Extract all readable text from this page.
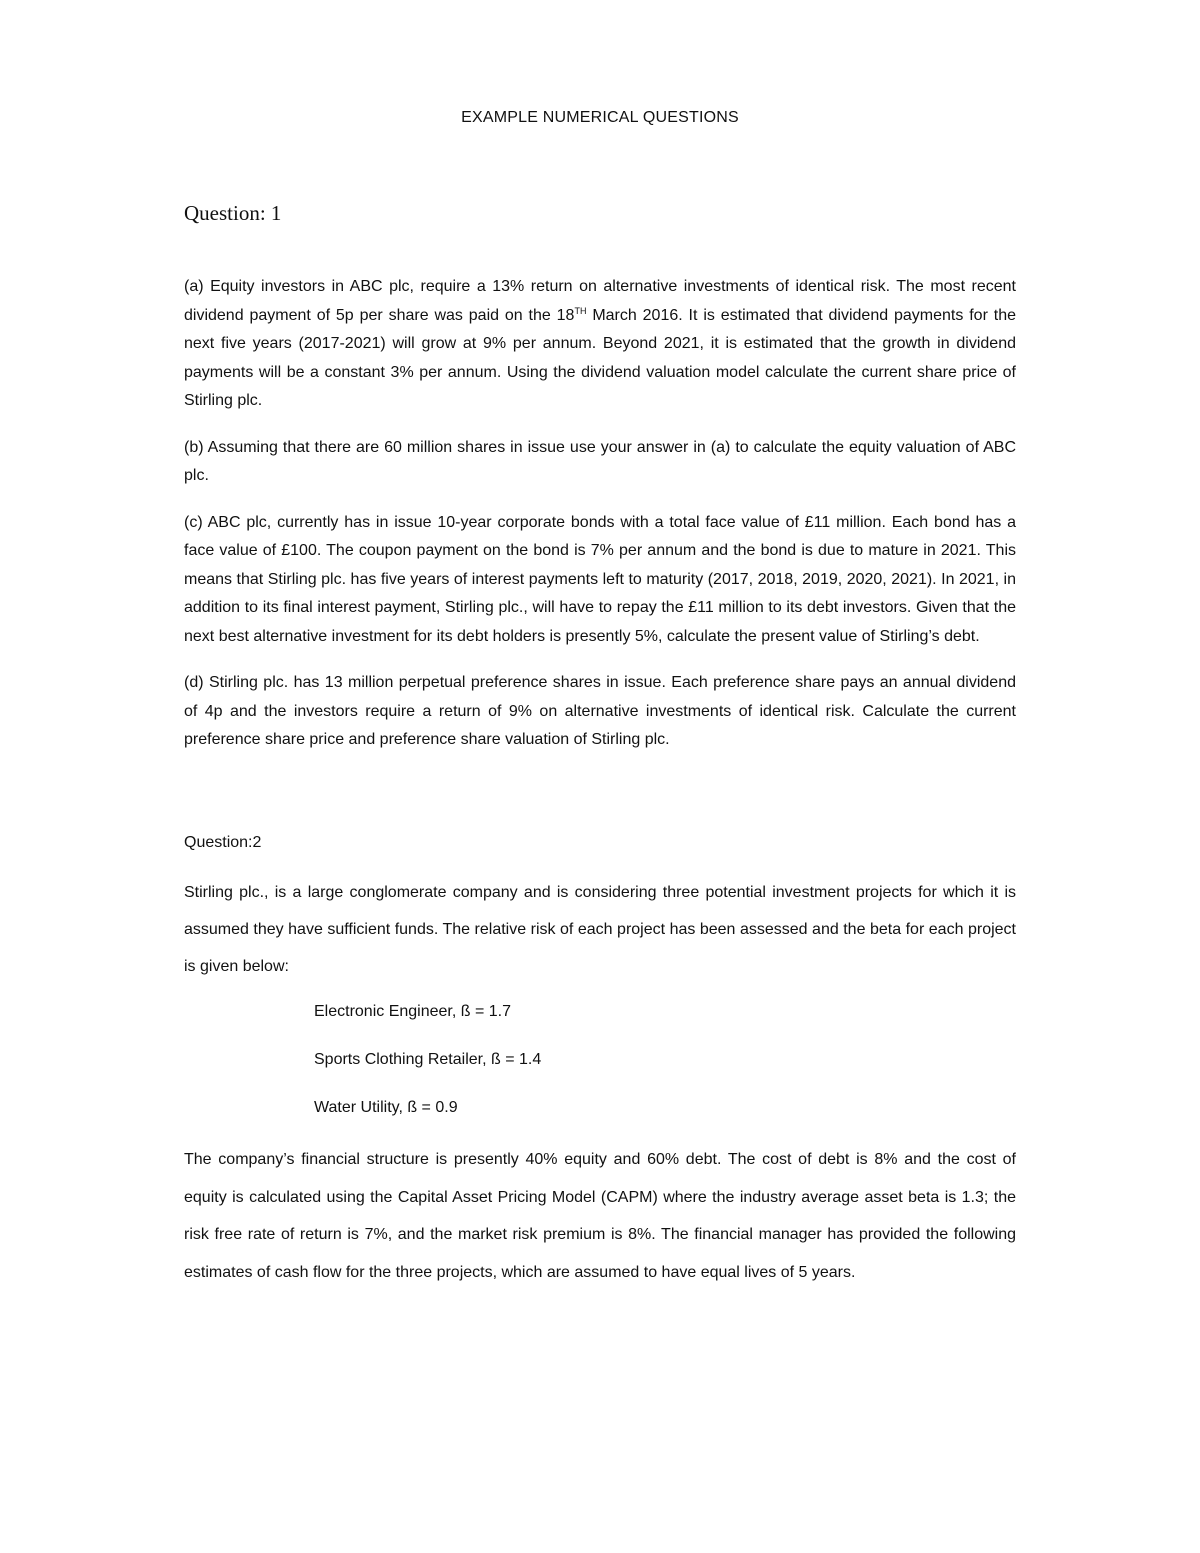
EXAMPLE NUMERICAL QUESTIONS
Question: 1

(a) Equity investors in ABC plc, require a 13% return on alternative investments of identical risk. The most recent dividend payment of 5p per share was paid on the 18TH March 2016. It is estimated that dividend payments for the next five years (2017-2021) will grow at 9% per annum. Beyond 2021, it is estimated that the growth in dividend payments will be a constant 3% per annum. Using the dividend valuation model calculate the current share price of Stirling plc.

(b) Assuming that there are 60 million shares in issue use your answer in (a) to calculate the equity valuation of ABC plc.

(c) ABC plc, currently has in issue 10-year corporate bonds with a total face value of £11 million. Each bond has a face value of £100. The coupon payment on the bond is 7% per annum and the bond is due to mature in 2021. This means that Stirling plc. has five years of interest payments left to maturity (2017, 2018, 2019, 2020, 2021). In 2021, in addition to its final interest payment, Stirling plc., will have to repay the £11 million to its debt investors. Given that the next best alternative investment for its debt holders is presently 5%, calculate the present value of Stirling’s debt.

(d) Stirling plc. has 13 million perpetual preference shares in issue. Each preference share pays an annual dividend of 4p and the investors require a return of 9% on alternative investments of identical risk. Calculate the current preference share price and preference share valuation of Stirling plc.

Question:2

Stirling plc., is a large conglomerate company and is considering three potential investment projects for which it is assumed they have sufficient funds. The relative risk of each project has been assessed and the beta for each project is given below:

Electronic Engineer, ß = 1.7
Sports Clothing Retailer, ß = 1.4
Water Utility, ß = 0.9

The company’s financial structure is presently 40% equity and 60% debt. The cost of debt is 8% and the cost of equity is calculated using the Capital Asset Pricing Model (CAPM) where the industry average asset beta is 1.3; the risk free rate of return is 7%, and the market risk premium is 8%. The financial manager has provided the following estimates of cash flow for the three projects, which are assumed to have equal lives of 5 years.
